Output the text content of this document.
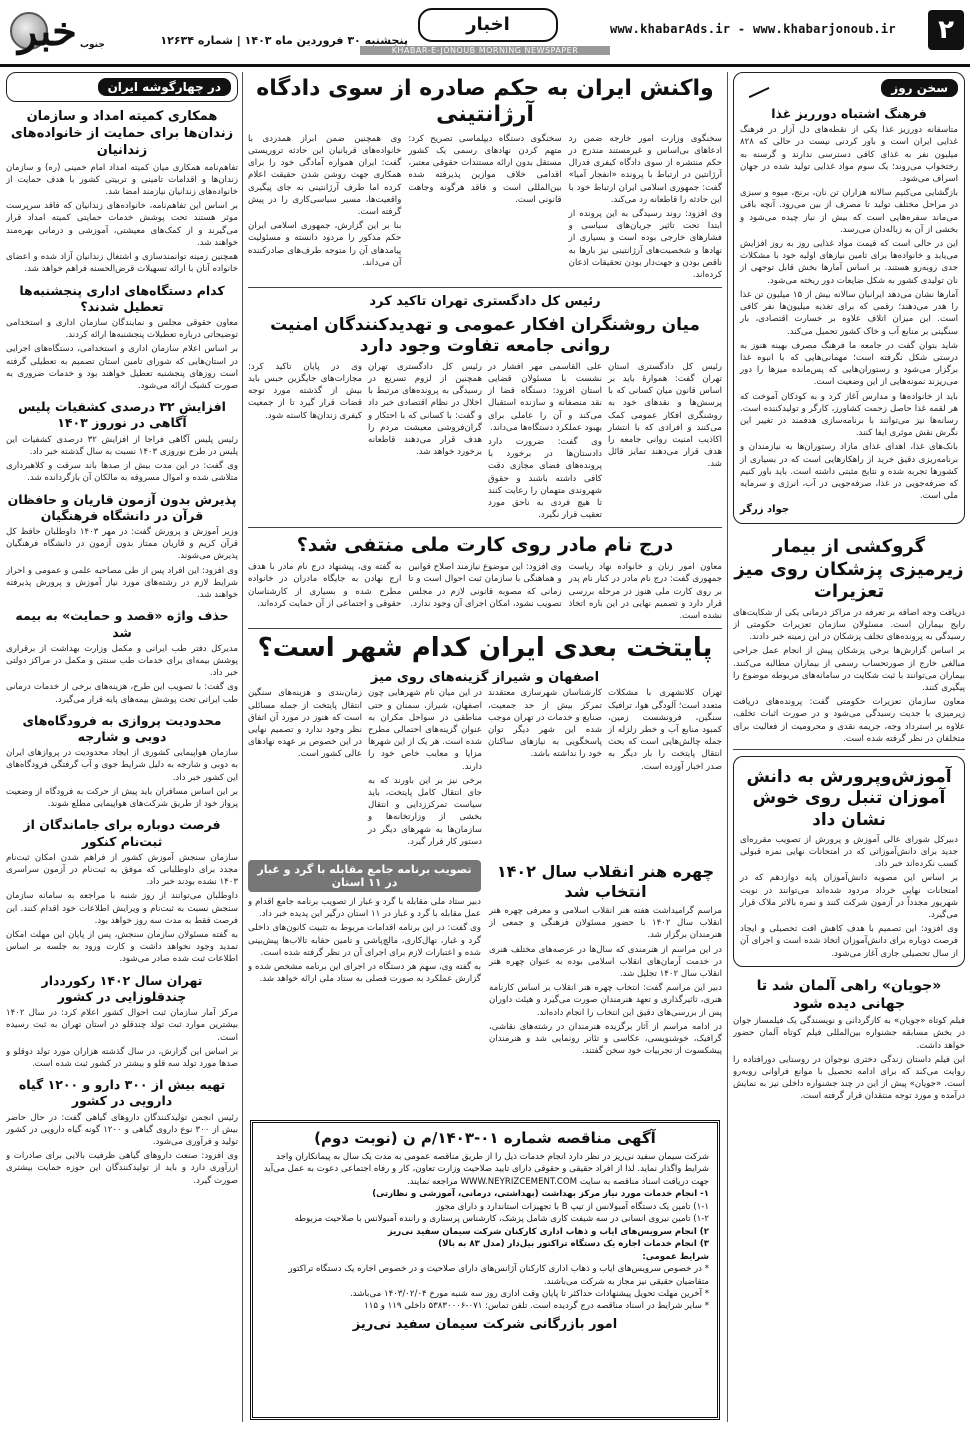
۲
www.khabarAds.ir - www.khabarjonoub.ir
اخبار
KHABAR-E-JONOUB MORNING NEWSPAPER
پنجشنبه ۳۰ فروردین ماه ۱۴۰۳ | شماره ۱۲۶۳۴
خبر جنوب
سخن روز
فرهنگ اشتباه دورریز غذا

متاسفانه دورریز غذا یکی از نقطه‌های دل آزار در فرهنگ غذایی ایران است و باور کردنی نیست در حالی که ۸۲۸ میلیون نفر به غذای کافی دسترسی ندارند و گرسنه به رختخواب می‌روند؛ یک سوم مواد غذایی تولید شده در جهان اسراف می‌شود.

بازگشایی می‌کنیم سالانه هزاران تن نان، برنج، میوه و سبزی در مراحل مختلف تولید تا مصرف از بین می‌رود. آنچه باقی می‌ماند سفره‌هایی است که بیش از نیاز چیده می‌شود و بخشی از آن به زباله‌دان می‌رسد.

این در حالی است که قیمت مواد غذایی روز به روز افزایش می‌یابد و خانواده‌ها برای تامین نیازهای اولیه خود با مشکلات جدی روبه‌رو هستند. بر اساس آمارها بخش قابل توجهی از نان تولیدی کشور به شکل ضایعات دور ریخته می‌شود.

آمارها نشان می‌دهد ایرانیان سالانه بیش از ۱۵ میلیون تن غذا را هدر می‌دهند؛ رقمی که برای تغذیه میلیون‌ها نفر کافی است. این میزان اتلاف علاوه بر خسارت اقتصادی، بار سنگینی بر منابع آب و خاک کشور تحمیل می‌کند.

شاید بتوان گفت در جامعه ما فرهنگ مصرف بهینه هنوز به درستی شکل نگرفته است؛ مهمانی‌هایی که با انبوه غذا برگزار می‌شود و رستوران‌هایی که پس‌مانده میزها را دور می‌ریزند نمونه‌هایی از این وضعیت است.

باید از خانواده‌ها و مدارس آغاز کرد و به کودکان آموخت که هر لقمه غذا حاصل زحمت کشاورز، کارگر و تولیدکننده است. رسانه‌ها نیز می‌توانند با برنامه‌سازی هدفمند در تغییر این نگرش نقش موثری ایفا کنند.

بانک‌های غذا، اهدای غذای مازاد رستوران‌ها به نیازمندان و برنامه‌ریزی دقیق خرید از راهکارهایی است که در بسیاری از کشورها تجربه شده و نتایج مثبتی داشته است. باید باور کنیم که صرفه‌جویی در غذا، صرفه‌جویی در آب، انرژی و سرمایه ملی است.

جواد زرگر
گروکشی از بیمار زیرمیزی پزشکان روی میز تعزیرات

دریافت وجه اضافه بر تعرفه در مراکز درمانی یکی از شکایت‌های رایج بیماران است. مسئولان سازمان تعزیرات حکومتی از رسیدگی به پرونده‌های تخلف پزشکان در این زمینه خبر دادند.

بر اساس گزارش‌ها برخی پزشکان پیش از انجام عمل جراحی مبالغی خارج از صورتحساب رسمی از بیماران مطالبه می‌کنند. بیماران می‌توانند با ثبت شکایت در سامانه‌های مربوطه موضوع را پیگیری کنند.

معاون سازمان تعزیرات حکومتی گفت: پرونده‌های دریافت زیرمیزی با جدیت رسیدگی می‌شود و در صورت اثبات تخلف، علاوه بر استرداد وجه، جریمه نقدی و محرومیت از فعالیت برای متخلفان در نظر گرفته شده است.

آموزش‌وپرورش به دانش آموزان تنبل روی خوش نشان داد

دبیرکل شورای عالی آموزش و پرورش از تصویب مقرره‌ای جدید برای دانش‌آموزانی که در امتحانات نهایی نمره قبولی کسب نکرده‌اند خبر داد.

بر اساس این مصوبه دانش‌آموزان پایه دوازدهم که در امتحانات نهایی خرداد مردود شده‌اند می‌توانند در نوبت شهریور مجدداً در آزمون شرکت کنند و نمره بالاتر ملاک قرار می‌گیرد.

وی افزود: این تصمیم با هدف کاهش افت تحصیلی و ایجاد فرصت دوباره برای دانش‌آموزان اتخاذ شده است و اجرای آن از سال تحصیلی جاری آغاز می‌شود.

«جویان» راهی آلمان شد تا جهانی دیده شود

فیلم کوتاه «جویان» به کارگردانی و نویسندگی یک فیلمساز جوان در بخش مسابقه جشنواره بین‌المللی فیلم کوتاه آلمان حضور خواهد داشت.

این فیلم داستان زندگی دختری نوجوان در روستایی دورافتاده را روایت می‌کند که برای ادامه تحصیل با موانع فراوانی روبه‌رو است. «جویان» پیش از این در چند جشنواره داخلی نیز به نمایش درآمده و مورد توجه منتقدان قرار گرفته است.

واکنش ایران به حکم صادره از سوی دادگاه آرژانتینی

سخنگوی وزارت امور خارجه ضمن رد ادعاهای بی‌اساس و غیرمستند مندرج در حکم منتشره از سوی دادگاه کیفری فدرال آرژانتین در ارتباط با پرونده «انفجار آمیا» گفت: جمهوری اسلامی ایران ارتباط خود با این حادثه را قاطعانه رد می‌کند.

وی افزود: روند رسیدگی به این پرونده از ابتدا تحت تاثیر جریان‌های سیاسی و فشارهای خارجی بوده است و بسیاری از نهادها و شخصیت‌های آرژانتینی نیز بارها به ناقص بودن و جهت‌دار بودن تحقیقات اذعان کرده‌اند.

سخنگوی دستگاه دیپلماسی تصریح کرد: متهم کردن نهادهای رسمی یک کشور مستقل بدون ارائه مستندات حقوقی معتبر، اقدامی خلاف موازین پذیرفته شده بین‌المللی است و فاقد هرگونه وجاهت قانونی است.

وی همچنین ضمن ابراز همدردی با خانواده‌های قربانیان این حادثه تروریستی گفت: ایران همواره آمادگی خود را برای همکاری جهت روشن شدن حقیقت اعلام کرده اما طرف آرژانتینی به جای پیگیری واقعیت‌ها، مسیر سیاسی‌کاری را در پیش گرفته است.

بنا بر این گزارش، جمهوری اسلامی ایران حکم مذکور را مردود دانسته و مسئولیت پیامدهای آن را متوجه طرف‌های صادرکننده آن می‌داند.

رئیس کل دادگستری تهران تاکید کرد
میان روشنگران افکار عمومی و تهدیدکنندگان امنیت روانی جامعه تفاوت وجود دارد

رئیس کل دادگستری استان تهران گفت: هموارۀ باید بر اساس قانون میان کسانی که با پرسش‌ها و نقدهای خود به روشنگری افکار عمومی کمک می‌کنند و افرادی که با انتشار اکاذیب امنیت روانی جامعه را هدف قرار می‌دهند تمایز قائل شد.

علی القاسمی مهر افشار در نشست با مسئولان قضایی استان افزود: دستگاه قضا از نقد منصفانه و سازنده استقبال می‌کند و آن را عاملی برای بهبود عملکرد دستگاه‌ها می‌داند.

وی گفت: ضرورت دارد دادستان‌ها در برخورد با پرونده‌های فضای مجازی دقت کافی داشته باشند و حقوق شهروندی متهمان را رعایت کنند تا هیچ فردی به ناحق مورد تعقیب قرار نگیرد.

رئیس کل دادگستری تهران همچنین از لزوم تسریع در رسیدگی به پرونده‌های مرتبط با اخلال در نظام اقتصادی خبر داد و گفت: با کسانی که با احتکار و گران‌فروشی معیشت مردم را هدف قرار می‌دهند قاطعانه برخورد خواهد شد.

وی در پایان تاکید کرد: مجازات‌های جایگزین حبس باید بیش از گذشته مورد توجه قضات قرار گیرد تا از جمعیت کیفری زندان‌ها کاسته شود.

درج نام مادر روی کارت ملی منتفی شد؟

معاون امور زنان و خانواده نهاد ریاست جمهوری گفت: درج نام مادر در کنار نام پدر بر روی کارت ملی هنوز در مرحله بررسی قرار دارد و تصمیم نهایی در این باره اتخاذ نشده است.

وی افزود: این موضوع نیازمند اصلاح قوانین و هماهنگی با سازمان ثبت احوال است و تا زمانی که مصوبه قانونی لازم در مجلس تصویب نشود، امکان اجرای آن وجود ندارد.

به گفته وی، پیشنهاد درج نام مادر با هدف ارج نهادن به جایگاه مادران در خانواده مطرح شده و بسیاری از کارشناسان حقوقی و اجتماعی از آن حمایت کرده‌اند.

پایتخت بعدی ایران کدام شهر است؟
اصفهان و شیراز گزینه‌های روی میز

تهران کلانشهری با مشکلات متعدد است؛ آلودگی هوا، ترافیک سنگین، فرونشست زمین، کمبود منابع آب و خطر زلزله از جمله چالش‌هایی است که بحث انتقال پایتخت را بار دیگر به صدر اخبار آورده است.

کارشناسان شهرسازی معتقدند تمرکز بیش از حد جمعیت، صنایع و خدمات در تهران موجب شده این شهر دیگر توان پاسخگویی به نیازهای ساکنان خود را نداشته باشد.

در این میان نام شهرهایی چون اصفهان، شیراز، سمنان و حتی مناطقی در سواحل مکران به عنوان گزینه‌های احتمالی مطرح شده است. هر یک از این شهرها مزایا و معایب خاص خود را دارند.

برخی نیز بر این باورند که به جای انتقال کامل پایتخت، باید سیاست تمرکززدایی و انتقال بخشی از وزارتخانه‌ها و سازمان‌ها به شهرهای دیگر در دستور کار قرار گیرد.

زمان‌بندی و هزینه‌های سنگین انتقال پایتخت از جمله مسائلی است که هنوز در مورد آن اتفاق نظر وجود ندارد و تصمیم نهایی در این خصوص بر عهده نهادهای عالی کشور است.

چهره هنر انقلاب سال ۱۴۰۲ انتخاب شد

مراسم گرامیداشت هفته هنر انقلاب اسلامی و معرفی چهره هنر انقلاب سال ۱۴۰۲ با حضور مسئولان فرهنگی و جمعی از هنرمندان برگزار شد.

در این مراسم از هنرمندی که سال‌ها در عرصه‌های مختلف هنری در خدمت آرمان‌های انقلاب اسلامی بوده به عنوان چهره هنر انقلاب سال ۱۴۰۲ تجلیل شد.

دبیر این مراسم گفت: انتخاب چهره هنر انقلاب بر اساس کارنامه هنری، تاثیرگذاری و تعهد هنرمندان صورت می‌گیرد و هیئت داوران پس از بررسی‌های دقیق این انتخاب را انجام داده‌اند.

در ادامه مراسم از آثار برگزیده هنرمندان در رشته‌های نقاشی، گرافیک، خوشنویسی، عکاسی و تئاتر رونمایی شد و هنرمندان پیشکسوت از تجربیات خود سخن گفتند.

تصویب برنامه جامع مقابله با گرد و غبار در ۱۱ استان

دبیر ستاد ملی مقابله با گرد و غبار از تصویب برنامه جامع اقدام و عمل مقابله با گرد و غبار در ۱۱ استان درگیر این پدیده خبر داد.

وی گفت: در این برنامه اقدامات مربوط به تثبیت کانون‌های داخلی گرد و غبار، نهال‌کاری، مالچ‌پاشی و تامین حقابه تالاب‌ها پیش‌بینی شده و اعتبارات لازم برای اجرای آن در نظر گرفته شده است.

به گفته وی، سهم هر دستگاه در اجرای این برنامه مشخص شده و گزارش عملکرد به صورت فصلی به ستاد ملی ارائه خواهد شد.

آگهی مناقصه شماره ۰۱-۱۴۰۳/م ن (نوبت دوم)

شرکت سیمان سفید نی‌ریز در نظر دارد انجام خدمات ذیل را از طریق مناقصه عمومی به مدت یک سال به پیمانکاران واجد شرایط واگذار نماید. لذا از افراد حقیقی و حقوقی دارای تایید صلاحیت وزارت تعاون، کار و رفاه اجتماعی دعوت به عمل می‌آید جهت دریافت اسناد مناقصه به سایت WWW.NEYRIZCEMENT.COM مراجعه نمایند.

۱- انجام خدمات مورد نیاز مرکز بهداشت (بهداشتی، درمانی، آموزشی و نظارتی)

۱-۱) تامین یک دستگاه آمبولانس از تیپ B با تجهیزات استاندارد و دارای مجوز

۱-۲) تامین نیروی انسانی در سه شیفت کاری شامل پزشک، کارشناس پرستاری و راننده آمبولانس با صلاحیت مربوطه

۲) انجام سرویس‌های ایاب و ذهاب اداری کارکنان شرکت سیمان سفید نی‌ریز

۳) انجام خدمات اجاره یک دستگاه تراکتور بیل‌دار (مدل ۸۳ به بالا)

شرایط عمومی:

* در خصوص سرویس‌های ایاب و ذهاب اداری کارکنان آژانس‌های دارای صلاحیت و در خصوص اجاره یک دستگاه تراکتور متقاضیان حقیقی نیز مجاز به شرکت می‌باشند.

* آخرین مهلت تحویل پیشنهادات حداکثر تا پایان وقت اداری روز سه شنبه مورخ ۱۴۰۳/۰۲/۰۴ می‌باشد.

* سایر شرایط در اسناد مناقصه درج گردیده است. تلفن تماس: ۰۷۱-۵۳۸۳۰۰۰۶ داخلی ۱۱۹ و ۱۱۵

امور بازرگانی شرکت سیمان سفید نی‌ریز
در چهارگوشه ایران
همکاری کمیته امداد و سازمان زندان‌ها برای حمایت از خانواده‌های زندانیان

تفاهم‌نامه همکاری میان کمیته امداد امام خمینی (ره) و سازمان زندان‌ها و اقدامات تامینی و تربیتی کشور با هدف حمایت از خانواده‌های زندانیان نیازمند امضا شد.

بر اساس این تفاهم‌نامه، خانواده‌های زندانیان که فاقد سرپرست موثر هستند تحت پوشش خدمات حمایتی کمیته امداد قرار می‌گیرند و از کمک‌های معیشتی، آموزشی و درمانی بهره‌مند خواهند شد.

همچنین زمینه توانمندسازی و اشتغال زندانیان آزاد شده و اعضای خانواده آنان با ارائه تسهیلات قرض‌الحسنه فراهم خواهد شد.

کدام دستگاه‌های اداری پنجشنبه‌ها تعطیل شدند؟

معاون حقوقی مجلس و نمایندگان سازمان اداری و استخدامی توضیحاتی درباره تعطیلات پنجشنبه‌ها ارائه کردند.

بر اساس اعلام سازمان اداری و استخدامی، دستگاه‌های اجرایی در استان‌هایی که شورای تامین استان تصمیم به تعطیلی گرفته است روزهای پنجشنبه تعطیل خواهند بود و خدمات ضروری به صورت کشیک ارائه می‌شود.

افزایش ۳۲ درصدی کشفیات پلیس آگاهی در نوروز ۱۴۰۳

رئیس پلیس آگاهی فراجا از افزایش ۳۲ درصدی کشفیات این پلیس در طرح نوروزی ۱۴۰۳ نسبت به سال گذشته خبر داد.

وی گفت: در این مدت بیش از صدها باند سرقت و کلاهبرداری متلاشی شده و اموال مسروقه به مالکان آن بازگردانده شد.

پذیرش بدون آزمون قاریان و حافظان قرآن در دانشگاه فرهنگیان

وزیر آموزش و پرورش گفت: در مهر ۱۴۰۳ داوطلبان حافظ کل قرآن کریم و قاریان ممتاز بدون آزمون در دانشگاه فرهنگیان پذیرش می‌شوند.

وی افزود: این افراد پس از طی مصاحبه علمی و عمومی و احراز شرایط لازم در رشته‌های مورد نیاز آموزش و پرورش پذیرفته خواهند شد.

حذف واژه «قصد و حمایت» به بیمه شد

مدیرکل دفتر طب ایرانی و مکمل وزارت بهداشت از برقراری پوشش بیمه‌ای برای خدمات طب سنتی و مکمل در مراکز دولتی خبر داد.

وی گفت: با تصویب این طرح، هزینه‌های برخی از خدمات درمانی طب ایرانی تحت پوشش بیمه‌های پایه قرار می‌گیرد.

محدودیت پروازی به فرودگاه‌های دوبی و شارجه

سازمان هواپیمایی کشوری از ایجاد محدودیت در پروازهای ایران به دوبی و شارجه به دلیل شرایط جوی و آب گرفتگی فرودگاه‌های این کشور خبر داد.

بر این اساس مسافران باید پیش از حرکت به فرودگاه از وضعیت پرواز خود از طریق شرکت‌های هواپیمایی مطلع شوند.

فرصت دوباره برای جاماندگان از ثبت‌نام کنکور

سازمان سنجش آموزش کشور از فراهم شدن امکان ثبت‌نام مجدد برای داوطلبانی که موفق به ثبت‌نام در آزمون سراسری ۱۴۰۳ نشده بودند خبر داد.

داوطلبان می‌توانند از روز شنبه با مراجعه به سامانه سازمان سنجش نسبت به ثبت‌نام و ویرایش اطلاعات خود اقدام کنند. این فرصت فقط به مدت سه روز خواهد بود.

به گفته مسئولان سازمان سنجش، پس از پایان این مهلت امکان تمدید وجود نخواهد داشت و کارت ورود به جلسه بر اساس اطلاعات ثبت شده صادر می‌شود.

تهران سال ۱۴۰۲ رکورددار چندقلوزایی در کشور

مرکز آمار سازمان ثبت احوال کشور اعلام کرد: در سال ۱۴۰۲ بیشترین موارد ثبت تولد چندقلو در استان تهران به ثبت رسیده است.

بر اساس این گزارش، در سال گذشته هزاران مورد تولد دوقلو و صدها مورد تولد سه قلو و بیشتر در کشور ثبت شده است.

تهیه بیش از ۳۰۰ دارو و ۱۲۰۰ گیاه دارویی در کشور

رئیس انجمن تولیدکنندگان داروهای گیاهی گفت: در حال حاضر بیش از ۳۰۰ نوع داروی گیاهی و ۱۲۰۰ گونه گیاه دارویی در کشور تولید و فرآوری می‌شود.

وی افزود: صنعت داروهای گیاهی ظرفیت بالایی برای صادرات و ارزآوری دارد و باید از تولیدکنندگان این حوزه حمایت بیشتری صورت گیرد.
